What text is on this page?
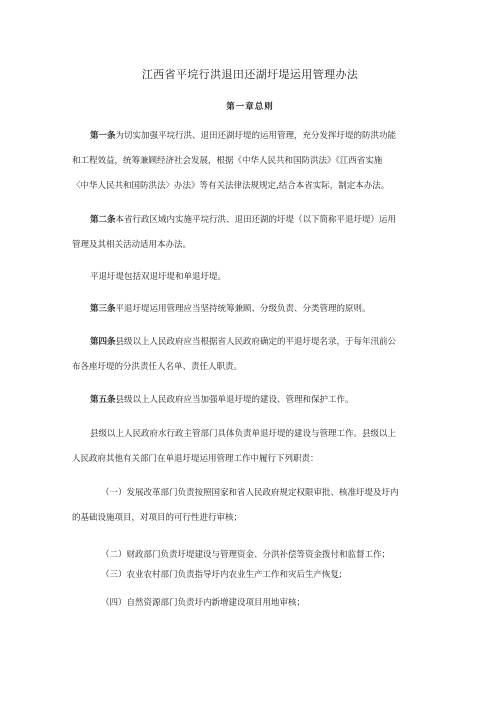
江西省平垸行洪退田还湖圩堤运用管理办法
第一章总则
第一条为切实加强平垸行洪、退田还湖圩堤的运用管理，充分发挥圩堤的防洪功能
和工程效益，统筹兼顾经济社会发展，根据《中华人民共和国防洪法》《江西省实施
〈中华人民共和国防洪法〉办法》等有关法律法规规定,结合本省实际，制定本办法。
第二条本省行政区域内实施平垸行洪、退田还湖的圩堤（以下简称平退圩堤）运用
管理及其相关活动适用本办法。
平退圩堤包括双退圩堤和单退圩堤。
第三条平退圩堤运用管理应当坚持统筹兼顾、分级负责、分类管理的原则。
第四条县级以上人民政府应当根据省人民政府确定的平退圩堤名录，于每年汛前公
布各座圩堤的分洪责任人名单、责任人职责。
第五条县级以上人民政府应当加强单退圩堤的建设、管理和保护工作。
县级以上人民政府水行政主管部门具体负责单退圩堤的建设与管理工作。县级以上
人民政府其他有关部门在单退圩堤运用管理工作中履行下列职责：
（一）发展改革部门负责按照国家和省人民政府规定权限审批、核准圩堤及圩内
的基础设施项目，对项目的可行性进行审核；
（二）财政部门负责圩堤建设与管理资金、分洪补偿等资金拨付和监督工作；
（三）农业农村部门负责指导圩内农业生产工作和灾后生产恢复;
（四）自然资源部门负责圩内新增建设项目用地审核；
